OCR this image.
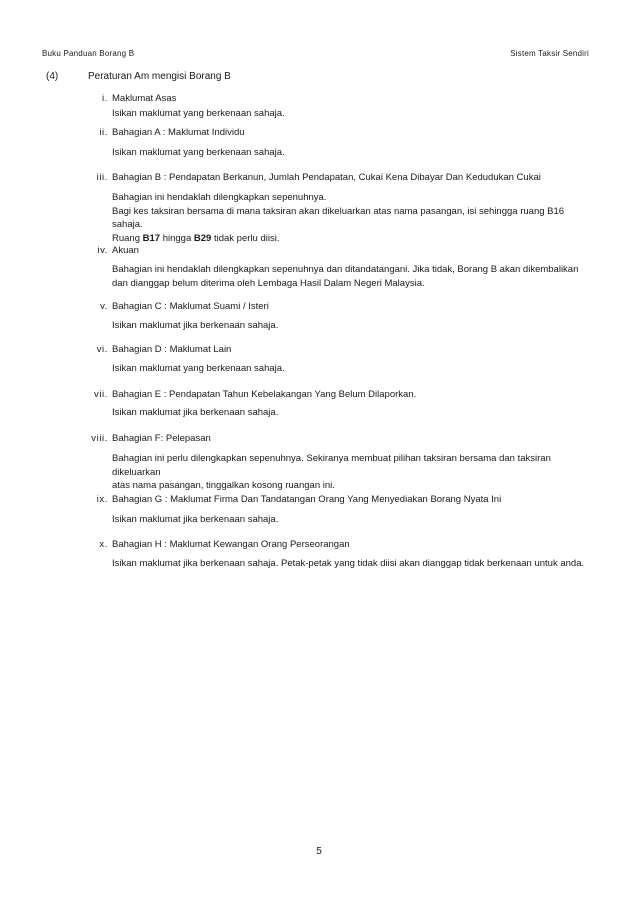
Buku Panduan Borang B	Sistem Taksir Sendiri
(4)	Peraturan Am mengisi Borang B
i. Maklumat Asas
Isikan maklumat yang berkenaan sahaja.
ii. Bahagian A : Maklumat Individu
Isikan maklumat yang berkenaan sahaja.
iii. Bahagian B : Pendapatan Berkanun, Jumlah Pendapatan, Cukai Kena Dibayar Dan Kedudukan Cukai
Bahagian ini hendaklah dilengkapkan sepenuhnya.
Bagi kes taksiran bersama di mana taksiran akan dikeluarkan atas nama pasangan, isi sehingga ruang B16 sahaja.
Ruang B17 hingga B29 tidak perlu diisi.
iv. Akuan
Bahagian ini hendaklah dilengkapkan sepenuhnya dan ditandatangani. Jika tidak, Borang B akan dikembalikan
dan dianggap belum diterima oleh Lembaga Hasil Dalam Negeri Malaysia.
v. Bahagian C : Maklumat Suami / Isteri
Isikan maklumat jika berkenaan sahaja.
vi. Bahagian D : Maklumat Lain
Isikan maklumat yang berkenaan sahaja.
vii. Bahagian E : Pendapatan Tahun Kebelakangan Yang Belum Dilaporkan.
Isikan maklumat jika berkenaan sahaja.
viii. Bahagian F: Pelepasan
Bahagian ini perlu dilengkapkan sepenuhnya. Sekiranya membuat pilihan taksiran bersama dan taksiran dikeluarkan
atas nama pasangan, tinggalkan kosong ruangan ini.
ix. Bahagian G : Maklumat Firma Dan Tandatangan Orang Yang Menyediakan Borang Nyata Ini
Isikan maklumat jika berkenaan sahaja.
x. Bahagian H : Maklumat Kewangan Orang Perseorangan
Isikan maklumat jika berkenaan sahaja. Petak-petak yang tidak diisi akan dianggap tidak berkenaan untuk anda.
5
